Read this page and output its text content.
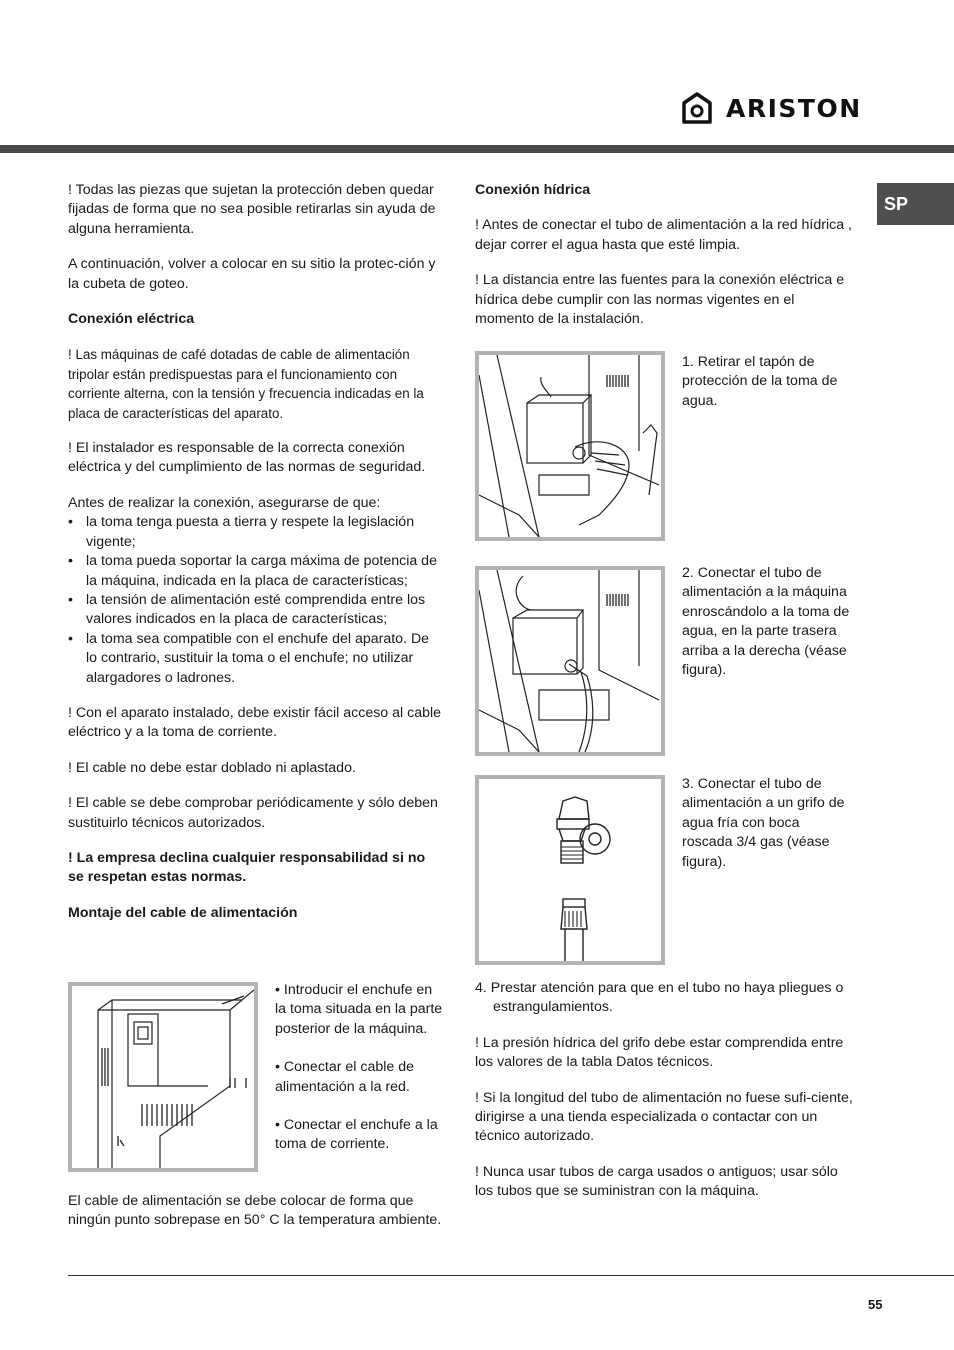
ARISTON
SP

! Todas las piezas que sujetan la protección deben quedar fijadas de forma que no sea posible retirarlas sin ayuda de alguna herramienta.

A continuación, volver a colocar en su sitio la protec-ción y la cubeta de goteo.

Conexión eléctrica

! Las máquinas de café dotadas de cable de alimentación tripolar están predispuestas para el funcionamiento con corriente alterna, con la tensión y frecuencia indicadas en la placa de características del aparato.

! El instalador es responsable de la correcta conexión eléctrica y del cumplimiento de las normas de seguridad.

Antes de realizar la conexión, asegurarse de que:

• la toma tenga puesta a tierra y respete la legislación vigente;
• la toma pueda soportar la carga máxima de potencia de la máquina, indicada en la placa de características;
• la tensión de alimentación esté comprendida entre los valores indicados en la placa de características;
• la toma sea compatible con el enchufe del aparato. De lo contrario, sustituir la toma o el enchufe; no utilizar alargadores o ladrones.

! Con el aparato instalado, debe existir fácil acceso al cable eléctrico y a la toma de corriente.

! El cable no debe estar doblado ni aplastado.

! El cable se debe comprobar periódicamente y sólo deben sustituirlo técnicos autorizados.

! La empresa declina cualquier responsabilidad si no se respetan estas normas.

Montaje del cable de alimentación

• Introducir el enchufe en la toma situada en la parte posterior de la máquina.

• Conectar el cable de alimentación a la red.

• Conectar el enchufe a la toma de corriente.

El cable de alimentación se debe colocar de forma que ningún punto sobrepase en 50° C la temperatura ambiente.

Conexión hídrica

! Antes de conectar el tubo de alimentación a la red hídrica , dejar correr el agua hasta que esté limpia.

! La distancia entre las fuentes para la conexión eléctrica e hídrica debe cumplir con las normas vigentes en el momento de la instalación.

1. Retirar el tapón de protección de la toma de agua.
2. Conectar el tubo de alimentación a la máquina enroscándolo a la toma de agua, en la parte trasera arriba a la derecha (véase figura).
3. Conectar el tubo de alimentación a un grifo de agua fría con boca roscada 3/4 gas (véase figura).

4. Prestar atención para que en el tubo no haya pliegues o estrangulamientos.

! La presión hídrica del grifo debe estar comprendida entre los valores de la tabla Datos técnicos.

! Si la longitud del tubo de alimentación no fuese sufi-ciente, dirigirse a una tienda especializada o contactar con un técnico autorizado.

! Nunca usar tubos de carga usados o antiguos; usar sólo los tubos que se suministran con la máquina.

55
